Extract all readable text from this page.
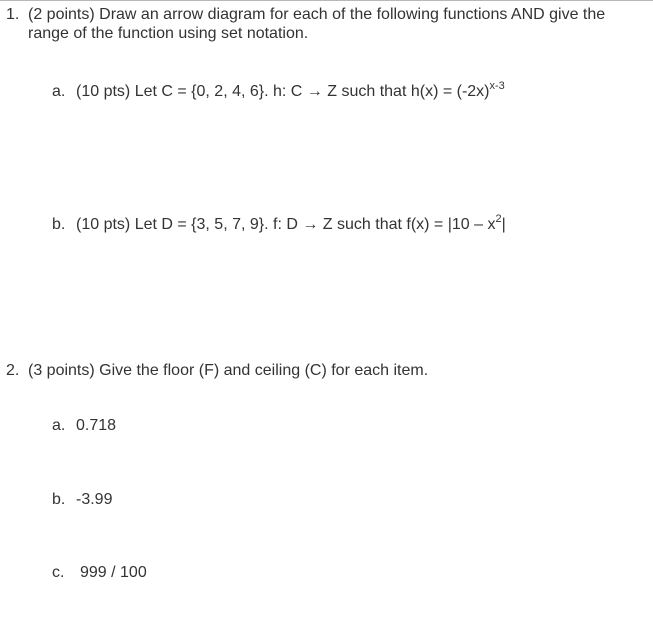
1. (2 points) Draw an arrow diagram for each of the following functions AND give the
range of the function using set notation.
a. (10 pts) Let C = {0, 2, 4, 6}. h: C → Z such that $h(x) = (-2x)^{x-3}$
b. (10 pts) Let D = {3, 5, 7, 9}. f: D → Z such that $f(x) = |10 - x^2|$
2. (3 points) Give the floor (F) and ceiling (C) for each item.
a. 0.718
b. -3.99
c. 999 / 100
